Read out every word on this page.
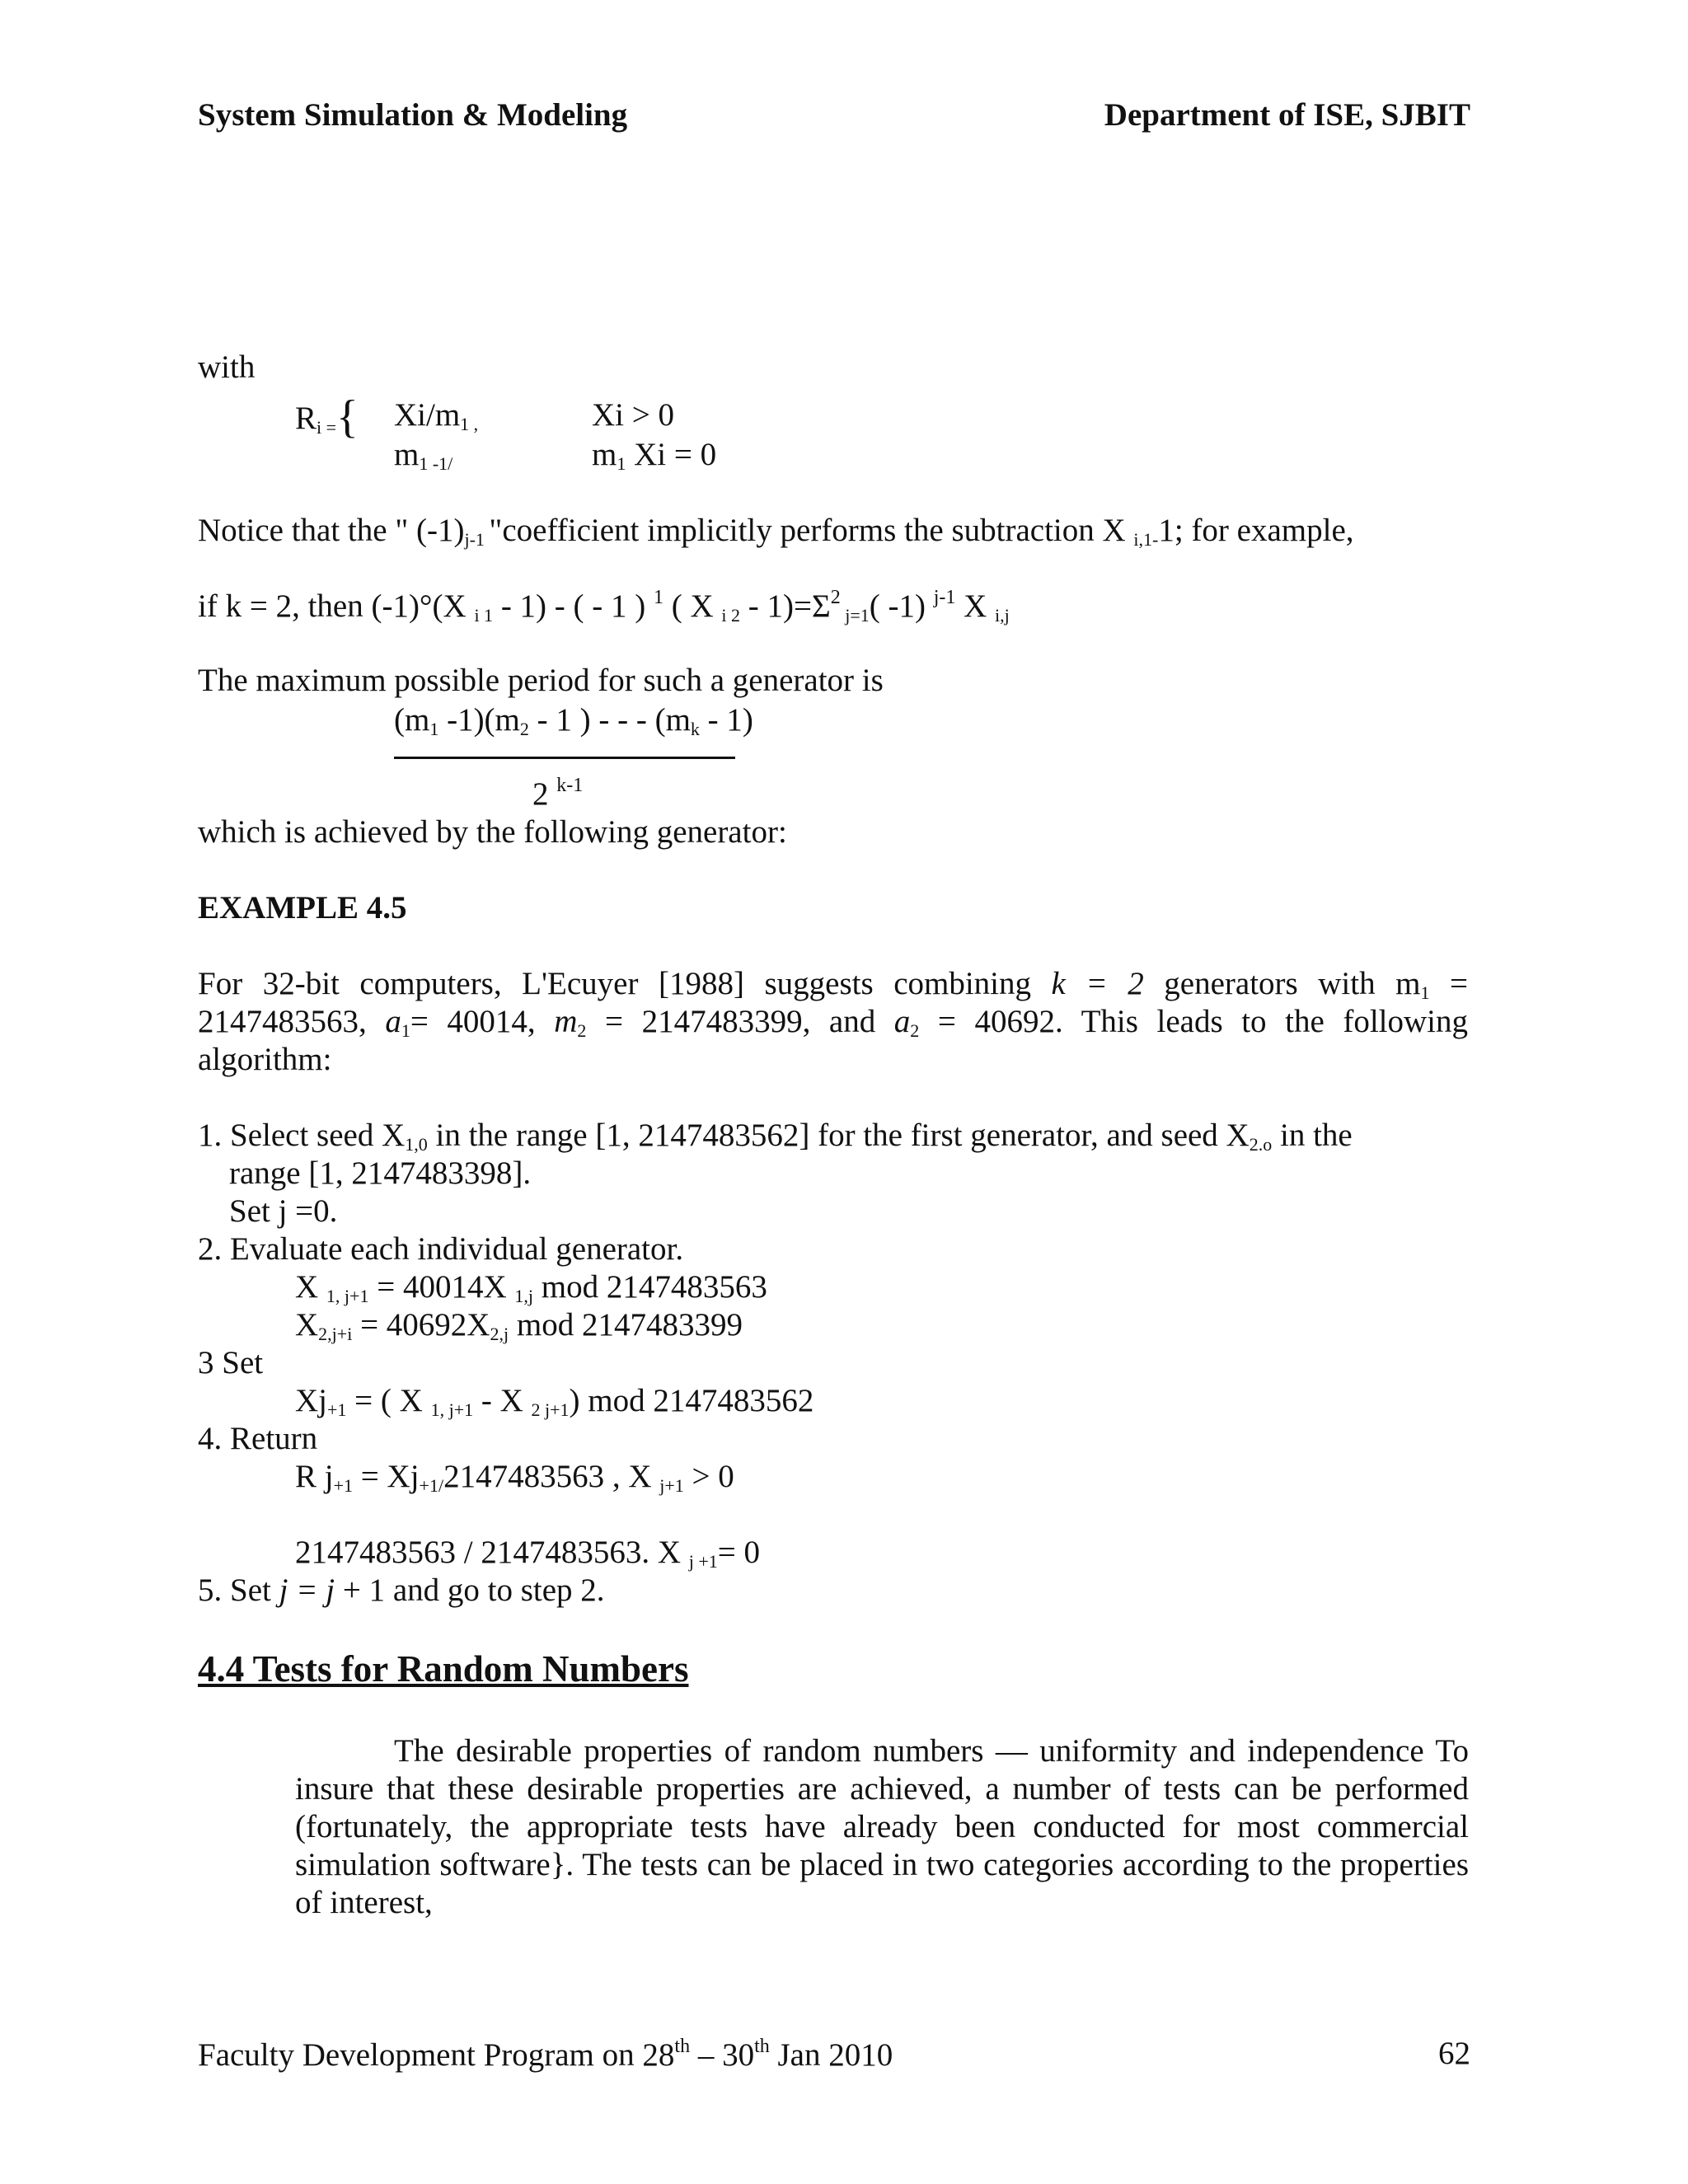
System Simulation & Modeling	Department of ISE, SJBIT
with
$R_{i =}${ $Xi/m_{1 ,}$	Xi > 0
$m_{1 -1/}$	$m_1$ Xi = 0
Notice that the " $(-1)_{j-1}$ "coefficient implicitly performs the subtraction X $_{i,1-}$1; for example,
if k = 2, then (-1)°(X $_{i 1}$ - 1) - ( - 1 ) $^1$ ( X $_{i 2} - 1)=\Sigma^2$ $_{j=1}$( -1) $^{j-1}$ X $_{i,j}$
The maximum possible period for such a generator is
($m_1$ $-1)(m_2 - 1$ ) - - - $(m_k - 1)$
2 $^{k-1}$
which is achieved by the following generator:
EXAMPLE 4.5
For 32-bit computers, L'Ecuyer [1988] suggests combining k = 2 generators with $m_1$ =
2147483563, $a_1= 40014$, $m_2 = 2147483399$, and $a_2 = 40692$. This leads to the following
algorithm:
1. Select seed $X_{1,0}$ in the range [1, 2147483562] for the first generator, and seed $X_{2.o}$ in the
range [1, 2147483398].
Set j =0.
2. Evaluate each individual generator.
X $_{1, j+1}$ = 40014X $_{1,j}$ mod 2147483563
$X_{2,j+i} = 40692X_{2,j}$ mod 2147483399
3 Set
$Xj_{+1}$ = ( X $_{1, j+1}$ - X $_{2 j+1}$) mod 2147483562
4. Return
R $j_{+1} = Xj_{+1/}2147483563$ , X $_{j+1}$ > 0
2147483563 / 2147483563. X $_{j +1}$= 0
5. Set j = j + 1 and go to step 2.
4.4 Tests for Random Numbers
The desirable properties of random numbers — uniformity and independence To insure that these desirable properties are achieved, a number of tests can be performed (fortunately, the appropriate tests have already been conducted for most commercial simulation software}. The tests can be placed in two categories according to the properties of interest,
Faculty Development Program on 28th – 30th Jan 2010	62
